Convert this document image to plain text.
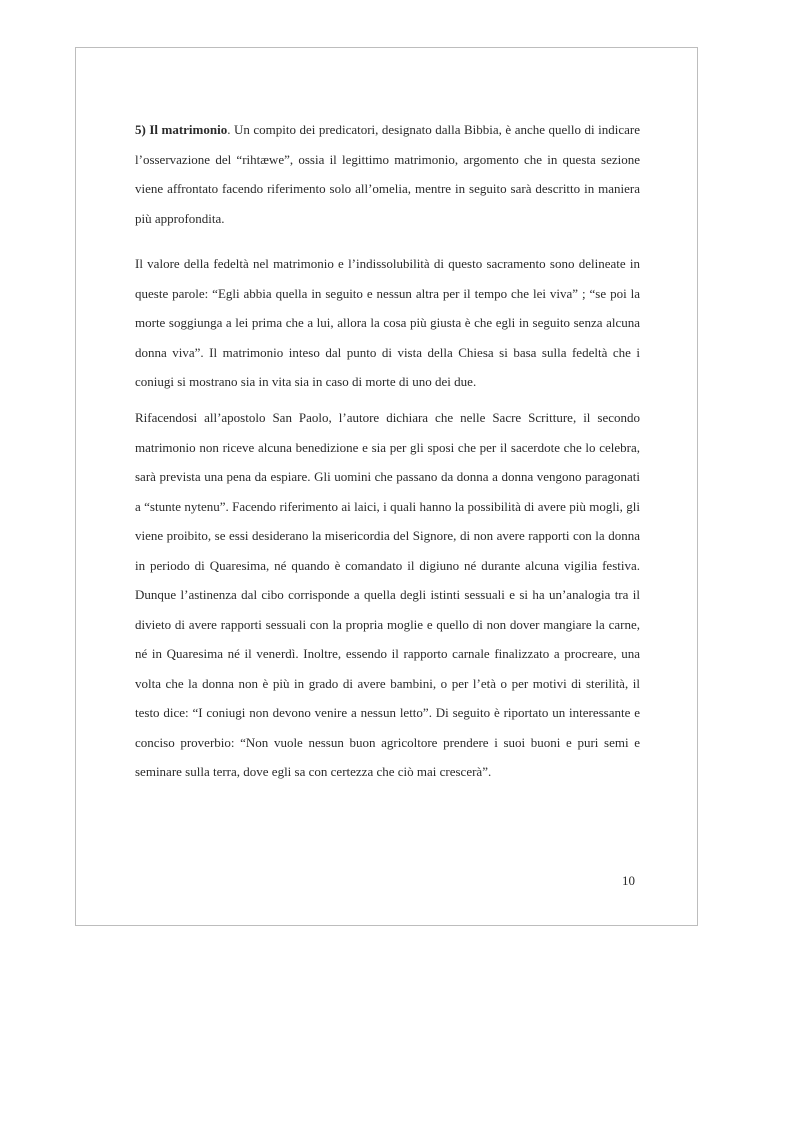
5) Il matrimonio. Un compito dei predicatori, designato dalla Bibbia, è anche quello di indicare l’osservazione del “rihtæwe”, ossia il legittimo matrimonio, argomento che in questa sezione viene affrontato facendo riferimento solo all’omelia, mentre in seguito sarà descritto in maniera più approfondita.
Il valore della fedeltà nel matrimonio e l’indissolubilità di questo sacramento sono delineate in queste parole: “Egli abbia quella in seguito e nessun altra per il tempo che lei viva” ; “se poi la morte soggiunga a lei prima che a lui, allora la cosa più giusta è che egli in seguito senza alcuna donna viva”. Il matrimonio inteso dal punto di vista della Chiesa si basa sulla fedeltà che i coniugi si mostrano sia in vita sia in caso di morte di uno dei due.
Rifacendosi all’apostolo San Paolo, l’autore dichiara che nelle Sacre Scritture, il secondo matrimonio non riceve alcuna benedizione e sia per gli sposi che per il sacerdote che lo celebra, sarà prevista una pena da espiare. Gli uomini che passano da donna a donna vengono paragonati a “stunte nytenu”. Facendo riferimento ai laici, i quali hanno la possibilità di avere più mogli, gli viene proibito, se essi desiderano la misericordia del Signore, di non avere rapporti con la donna in periodo di Quaresima, né quando è comandato il digiuno né durante alcuna vigilia festiva. Dunque l’astinenza dal cibo corrisponde a quella degli istinti sessuali e si ha un’analogia tra il divieto di avere rapporti sessuali con la propria moglie e quello di non dover mangiare la carne, né in Quaresima né il venerdì. Inoltre, essendo il rapporto carnale finalizzato a procreare, una volta che la donna non è più in grado di avere bambini, o per l’età o per motivi di sterilità, il testo dice: “I coniugi non devono venire a nessun letto”. Di seguito è riportato un interessante e conciso proverbio: “Non vuole nessun buon agricoltore prendere i suoi buoni e puri semi e seminare sulla terra, dove egli sa con certezza che ciò mai crescerà”.
10
